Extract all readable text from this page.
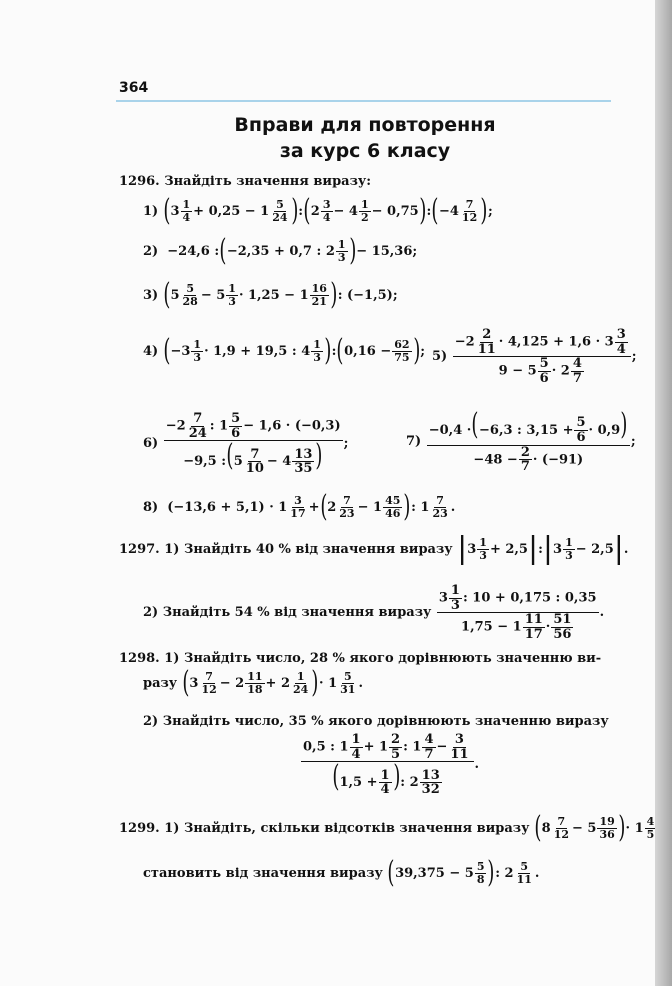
364
Вправи для повторення
за курс 6 класу
1296. Знайдіть значення виразу:
1)
( 3 1
4 + 0,25 − 1 5
24 ) : ( 2 3
4 − 4 1
2 − 0,75 ) : ( −4 7
12 ) ;
2) −24,6 : ( −2,35 + 0,7 : 2 1
3 ) − 15,36;
3)
( 5 5
28 − 5 1
3 · 1,25 − 1 16
21 ) : (−1,5);
4)
( −3 1
3 · 1,9 + 19,5 : 4 1
3 ) : ( 0,16 − 62
75 ) ; 5)

$-2 \frac{2}{11} \cdot 4,125 + 1,6 \cdot 3 \frac{3}{4}$
$9 - 5 \frac{5}{6} \cdot 2 \frac{4}{7}$
;
6)

$-2 \frac{7}{24}$ : $1 \frac{5}{6} - 1,6 \cdot (-0,3)$
−9,5 :(5 $\frac{7}{10} - 4 \frac{13}{35}$ ) ;	7)

−0,4 ·(−6,3 : $3,15 + \frac{5}{6} \cdot 0,9$)
$-48 - \frac{2}{7} \cdot (-91)$
;
8) (−13,6 + 5,1) · 1 3
17 + ( 2 7
23 − 1 45
46 ) : 1 7
23 .
1297.
1) Знайдіть 40 % від значення виразу
| 3 1
3 + 2,5 | : | 3 1
3 − 2,5 | .
2) Знайдіть 54 % від значення виразу

$3 \frac{1}{3}$ : 10 + 0,175 : 0,35
$1,75 - 1 \frac{11}{17} \cdot \frac{51}{56}$
.
1298. 1) Знайдіть число, 28 % якого дорівнюють значенню ви-
разу
( 3 7
12 − 2 11
18 + 2 1
24 ) · 1 5
31 .
2) Знайдіть число, 35 % якого дорівнюють значенню виразу
0,5 : $1 \frac{1}{4} + 1 \frac{2}{5}$ : $1 \frac{4}{7} - \frac{3}{11}$
($1,5 + \frac{1}{4}$ ): $2 \frac{13}{32}$
.
1299.
1) Знайдіть, скільки відсотків значення виразу
( 8 7
12 − 5 19
36 ) · 1 4
5
становить від значення виразу
( 39,375 − 5 5
8 ) : 2 5
11 .
